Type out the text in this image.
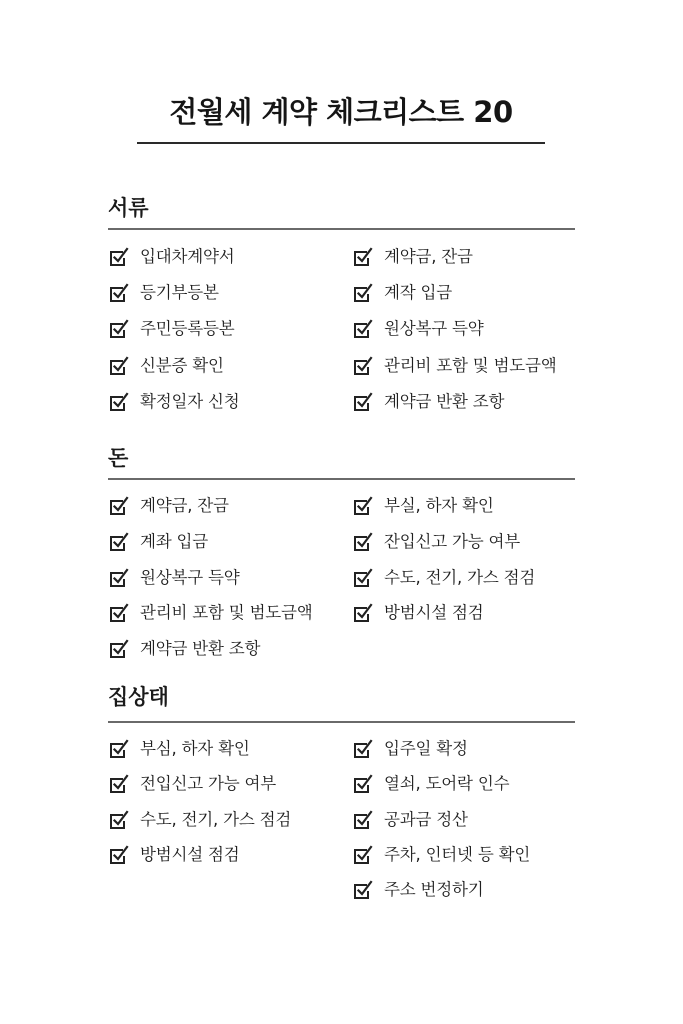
전월세 계약 체크리스트 20
서류
입대차계약서
등기부등본
주민등록등본
신분증 확인
확정일자 신청
계약금, 잔금
계작 입금
원상복구 득약
관리비 포함 및 범도금액
계약금 반환 조항
돈
계약금, 잔금
계좌 입금
원상복구 득약
관리비 포함 및 범도금액
계약금 반환 조항
부실, 하자 확인
잔입신고 가능 여부
수도, 전기, 가스 점검
방범시설 점검
집상태
부심, 하자 확인
전입신고 가능 여부
수도, 전기, 가스 점검
방범시설 점검
입주일 확정
열쇠, 도어락 인수
공과금 정산
주차, 인터넷 등 확인
주소 번정하기
